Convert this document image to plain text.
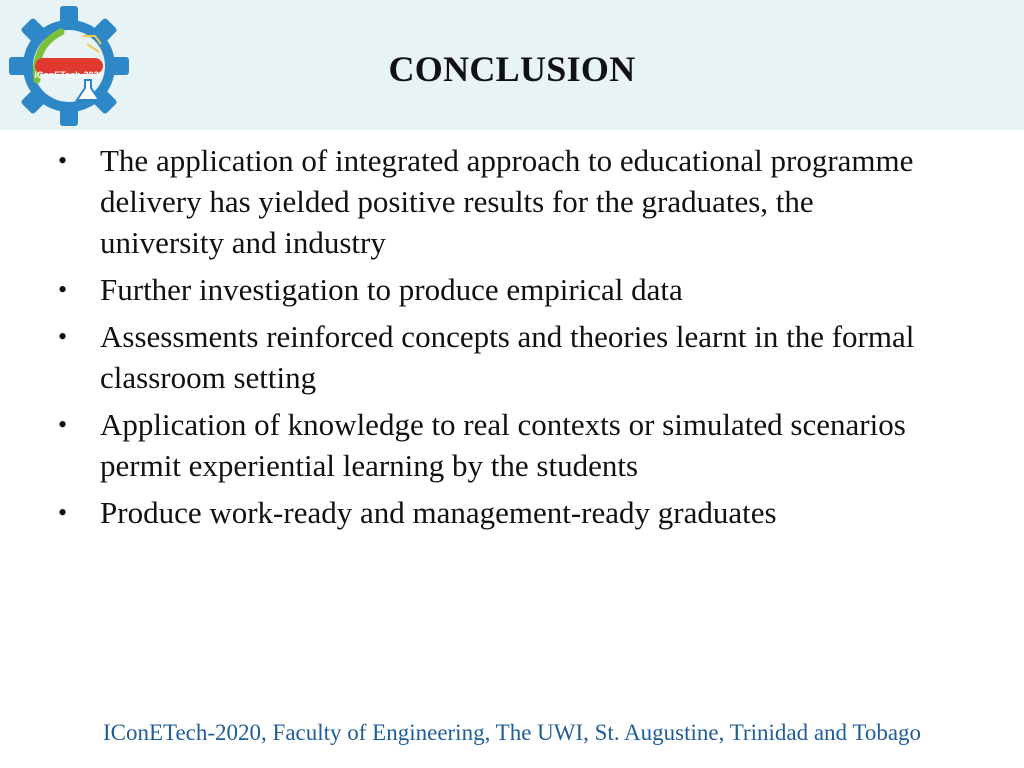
IConETech-2020	CONCLUSION
• The application of integrated approach to educational programme delivery has yielded positive results for the graduates, the university and industry
• Further investigation to produce empirical data
• Assessments reinforced concepts and theories learnt in the formal classroom setting
• Application of knowledge to real contexts or simulated scenarios permit experiential learning by the students
• Produce work-ready and management-ready graduates
IConETech-2020, Faculty of Engineering, The UWI, St. Augustine, Trinidad and Tobago
